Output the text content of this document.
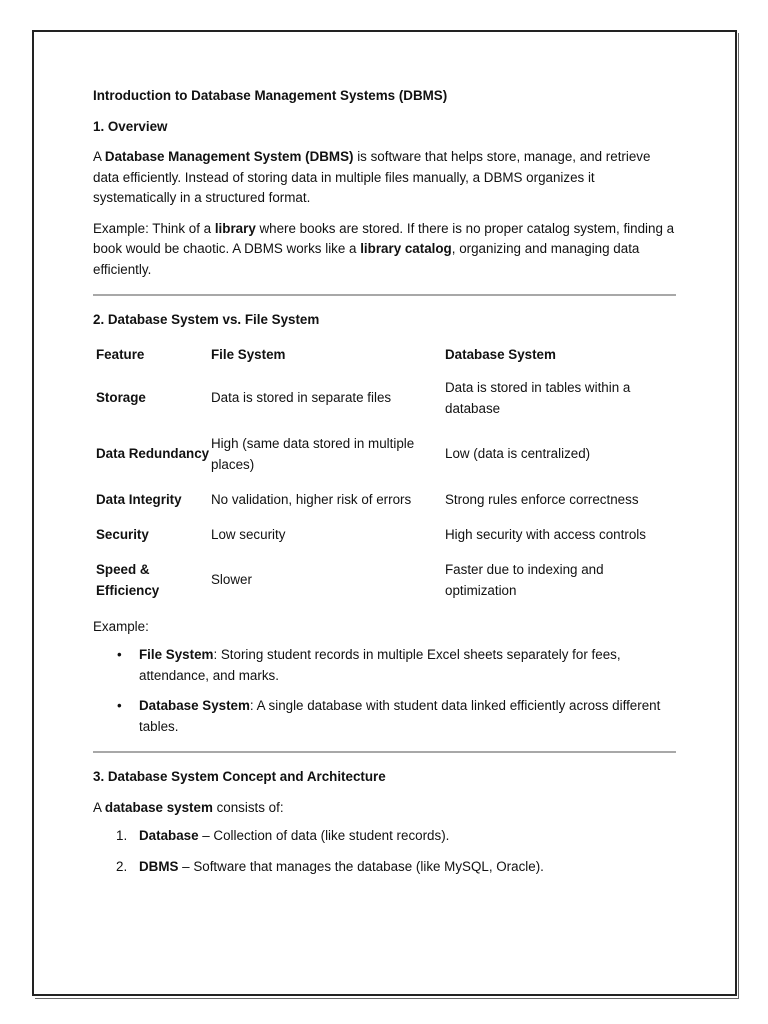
Introduction to Database Management Systems (DBMS)

1. Overview

A Database Management System (DBMS) is software that helps store, manage, and retrieve data efficiently. Instead of storing data in multiple files manually, a DBMS organizes it systematically in a structured format.

Example: Think of a library where books are stored. If there is no proper catalog system, finding a book would be chaotic. A DBMS works like a library catalog, organizing and managing data efficiently.

2. Database System vs. File System

Feature	File System	Database System
Storage	Data is stored in separate files	Data is stored in tables within a database
Data Redundancy	High (same data stored in multiple places)	Low (data is centralized)
Data Integrity	No validation, higher risk of errors	Strong rules enforce correctness
Security	Low security	High security with access controls
Speed & Efficiency	Slower	Faster due to indexing and optimization

Example:

• File System: Storing student records in multiple Excel sheets separately for fees, attendance, and marks.
• Database System: A single database with student data linked efficiently across different tables.

3. Database System Concept and Architecture

A database system consists of:

1. Database – Collection of data (like student records).
2. DBMS – Software that manages the database (like MySQL, Oracle).
